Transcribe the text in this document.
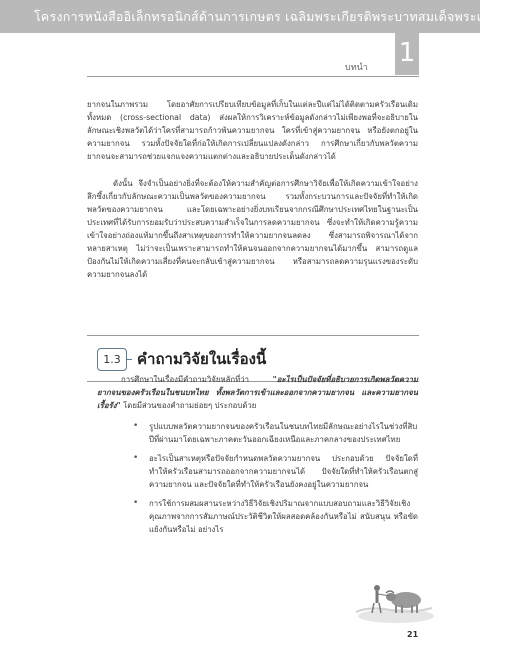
โครงการหนังสืออิเล็กทรอนิกส์ด้านการเกษตร เฉลิมพระเกียรติพระบาทสมเด็จพระเจ้าอยู่หัว
1
บทนำ
ยากจนในภาพรวม โดยอาศัยการเปรียบเทียบข้อมูลที่เก็บในแต่ละปีแต่ไม่ได้ติดตามครัวเรือนเดิมทั้งหมด (cross-sectional data) ส่งผลให้การวิเคราะห์ข้อมูลดังกล่าวไม่เพียงพอที่จะอธิบายในลักษณะเชิงพลวัตได้ว่าใครที่สามารถก้าวพ้นความยากจน ใครที่เข้าสู่ความยากจน หรือยังตกอยู่ในความยากจน รวมทั้งปัจจัยใดที่ก่อให้เกิดการเปลี่ยนแปลงดังกล่าว การศึกษาเกี่ยวกับพลวัตความยากจนจะสามารถช่วยแจกแจงความแตกต่างและอธิบายประเด็นดังกล่าวได้
ดังนั้น จึงจำเป็นอย่างยิ่งที่จะต้องให้ความสำคัญต่อการศึกษาวิจัยเพื่อให้เกิดความเข้าใจอย่างลึกซึ้งเกี่ยวกับลักษณะความเป็นพลวัตของความยากจน รวมทั้งกระบวนการและปัจจัยที่ทำให้เกิดพลวัตของความยากจน และโดยเฉพาะอย่างยิ่งบทเรียนจากกรณีศึกษาประเทศไทยในฐานะเป็นประเทศที่ได้รับการยอมรับว่าประสบความสำเร็จในการลดความยากจน ซึ่งจะทำให้เกิดความรู้ความเข้าใจอย่างถ่องแท้มากขึ้นถึงสาเหตุของการทำให้ความยากจนลดลง ซึ่งสามารถพิจารณาได้จากหลายสาเหตุ ไม่ว่าจะเป็นเพราะสามารถทำให้คนจนออกจากความยากจนได้มากขึ้น สามารถดูแลป้องกันไม่ให้เกิดความเสี่ยงที่คนจะกลับเข้าสู่ความยากจน หรือสามารถลดความรุนแรงของระดับความยากจนลงได้
1.3	คำถามวิจัยในเรื่องนี้
การศึกษาในเรื่องมีคำถามวิจัยหลักที่ว่า "อะไรเป็นปัจจัยที่อธิบายการเกิดพลวัตความยากจนของครัวเรือนในชนบทไทย ทั้งพลวัตการเข้าและออกจากความยากจน และความยากจนเรื้อรัง" โดยมีส่วนของคำถามย่อยๆ ประกอบด้วย
• รูปแบบพลวัตความยากจนของครัวเรือนในชนบทไทยมีลักษณะอย่างไรในช่วงที่สิบปีที่ผ่านมาโดยเฉพาะภาคตะวันออกเฉียงเหนือและภาคกลางของประเทศไทย
• อะไรเป็นสาเหตุหรือปัจจัยกำหนดพลวัตความยากจน ประกอบด้วย ปัจจัยใดที่ทำให้ครัวเรือนสามารถออกจากความยากจนได้ ปัจจัยใดที่ทำให้ครัวเรือนตกสู่ความยากจน และปัจจัยใดที่ทำให้ครัวเรือนยังคงอยู่ในความยากจน
• การใช้การผสมผสานระหว่างวิธีวิจัยเชิงปริมาณจากแบบสอบถามและวิธีวิจัยเชิงคุณภาพจากการสัมภาษณ์ประวัติชีวิตให้ผลสอดคล้องกันหรือไม่ สนับสนุน หรือขัดแย้งกันหรือไม่ อย่างไร
21
